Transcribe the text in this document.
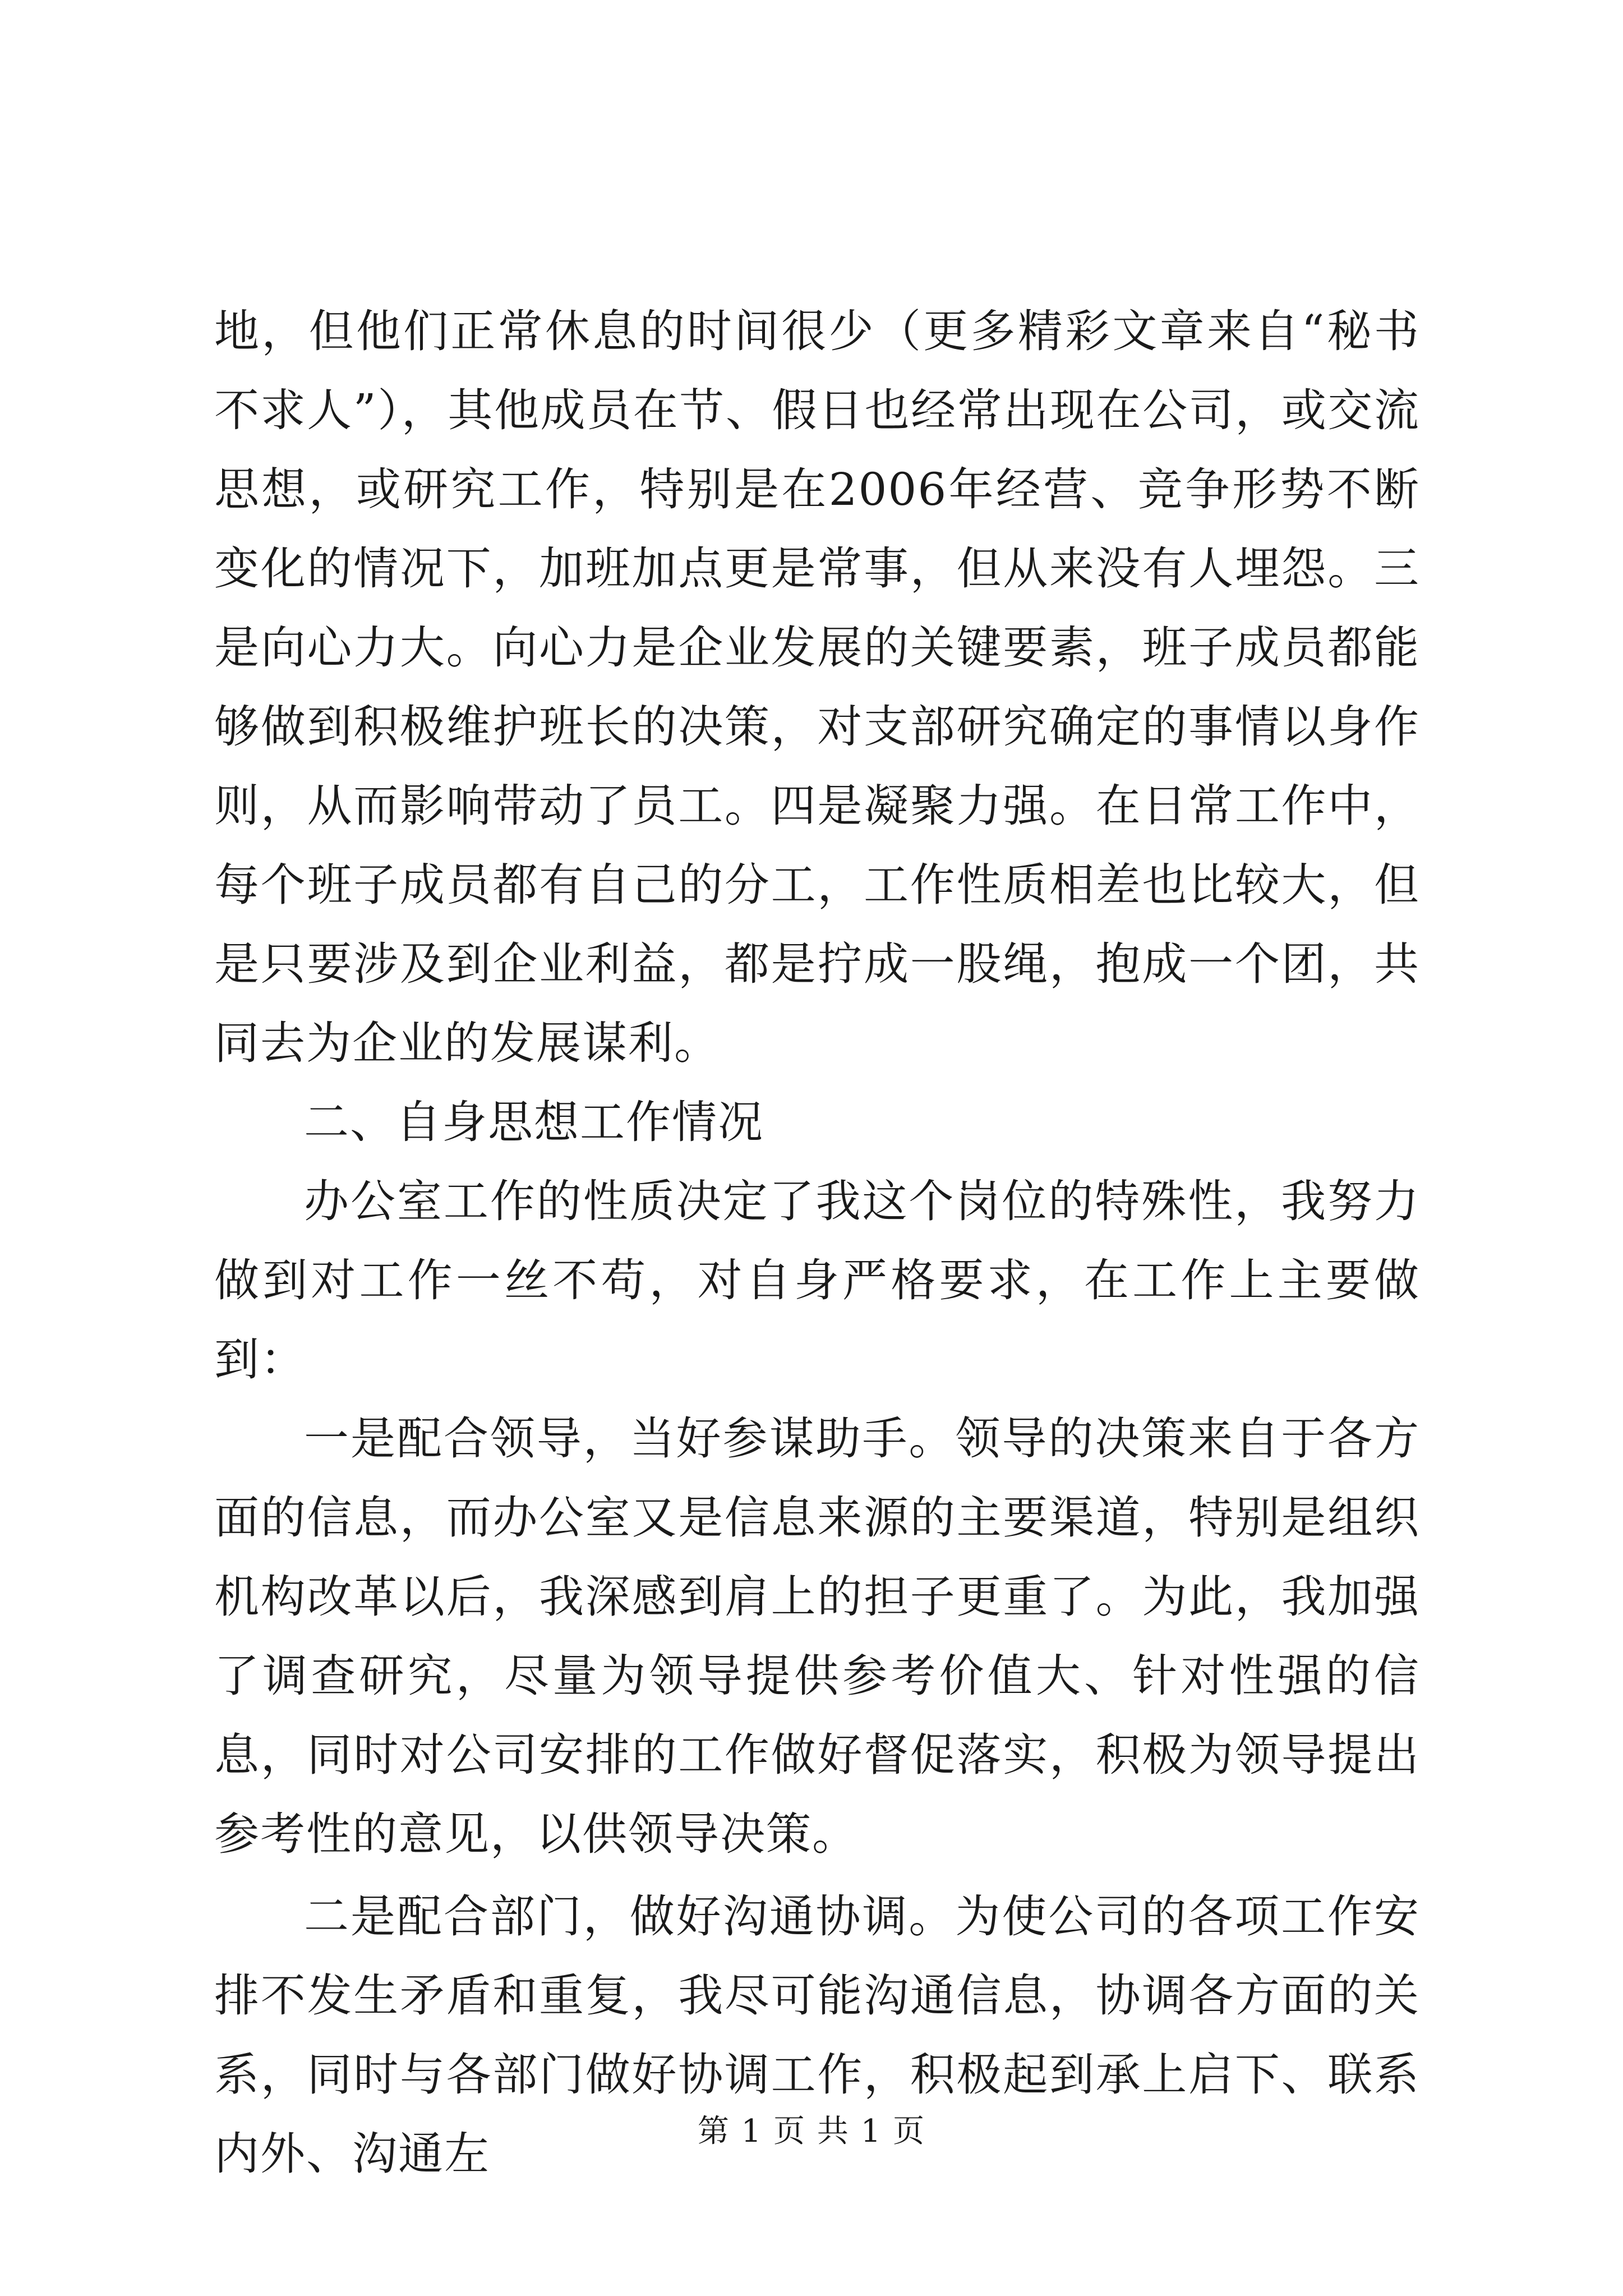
地，但他们正常休息的时间很少（更多精彩文章来自“秘书不求人”），其他成员在节、假日也经常出现在公司，或交流思想，或研究工作，特别是在2006年经营、竞争形势不断变化的情况下，加班加点更是常事，但从来没有人埋怨。三是向心力大。向心力是企业发展的关键要素，班子成员都能够做到积极维护班长的决策，对支部研究确定的事情以身作则，从而影响带动了员工。四是凝聚力强。在日常工作中，每个班子成员都有自己的分工，工作性质相差也比较大，但是只要涉及到企业利益，都是拧成一股绳，抱成一个团，共同去为企业的发展谋利。

二、自身思想工作情况

办公室工作的性质决定了我这个岗位的特殊性，我努力做到对工作一丝不苟，对自身严格要求，在工作上主要做到：

一是配合领导，当好参谋助手。领导的决策来自于各方面的信息，而办公室又是信息来源的主要渠道，特别是组织机构改革以后，我深感到肩上的担子更重了。为此，我加强了调查研究，尽量为领导提供参考价值大、针对性强的信息，同时对公司安排的工作做好督促落实，积极为领导提出参考性的意见，以供领导决策。

二是配合部门，做好沟通协调。为使公司的各项工作安排不发生矛盾和重复，我尽可能沟通信息，协调各方面的关系，同时与各部门做好协调工作，积极起到承上启下、联系内外、沟通左	第 1 页 共 1 页
